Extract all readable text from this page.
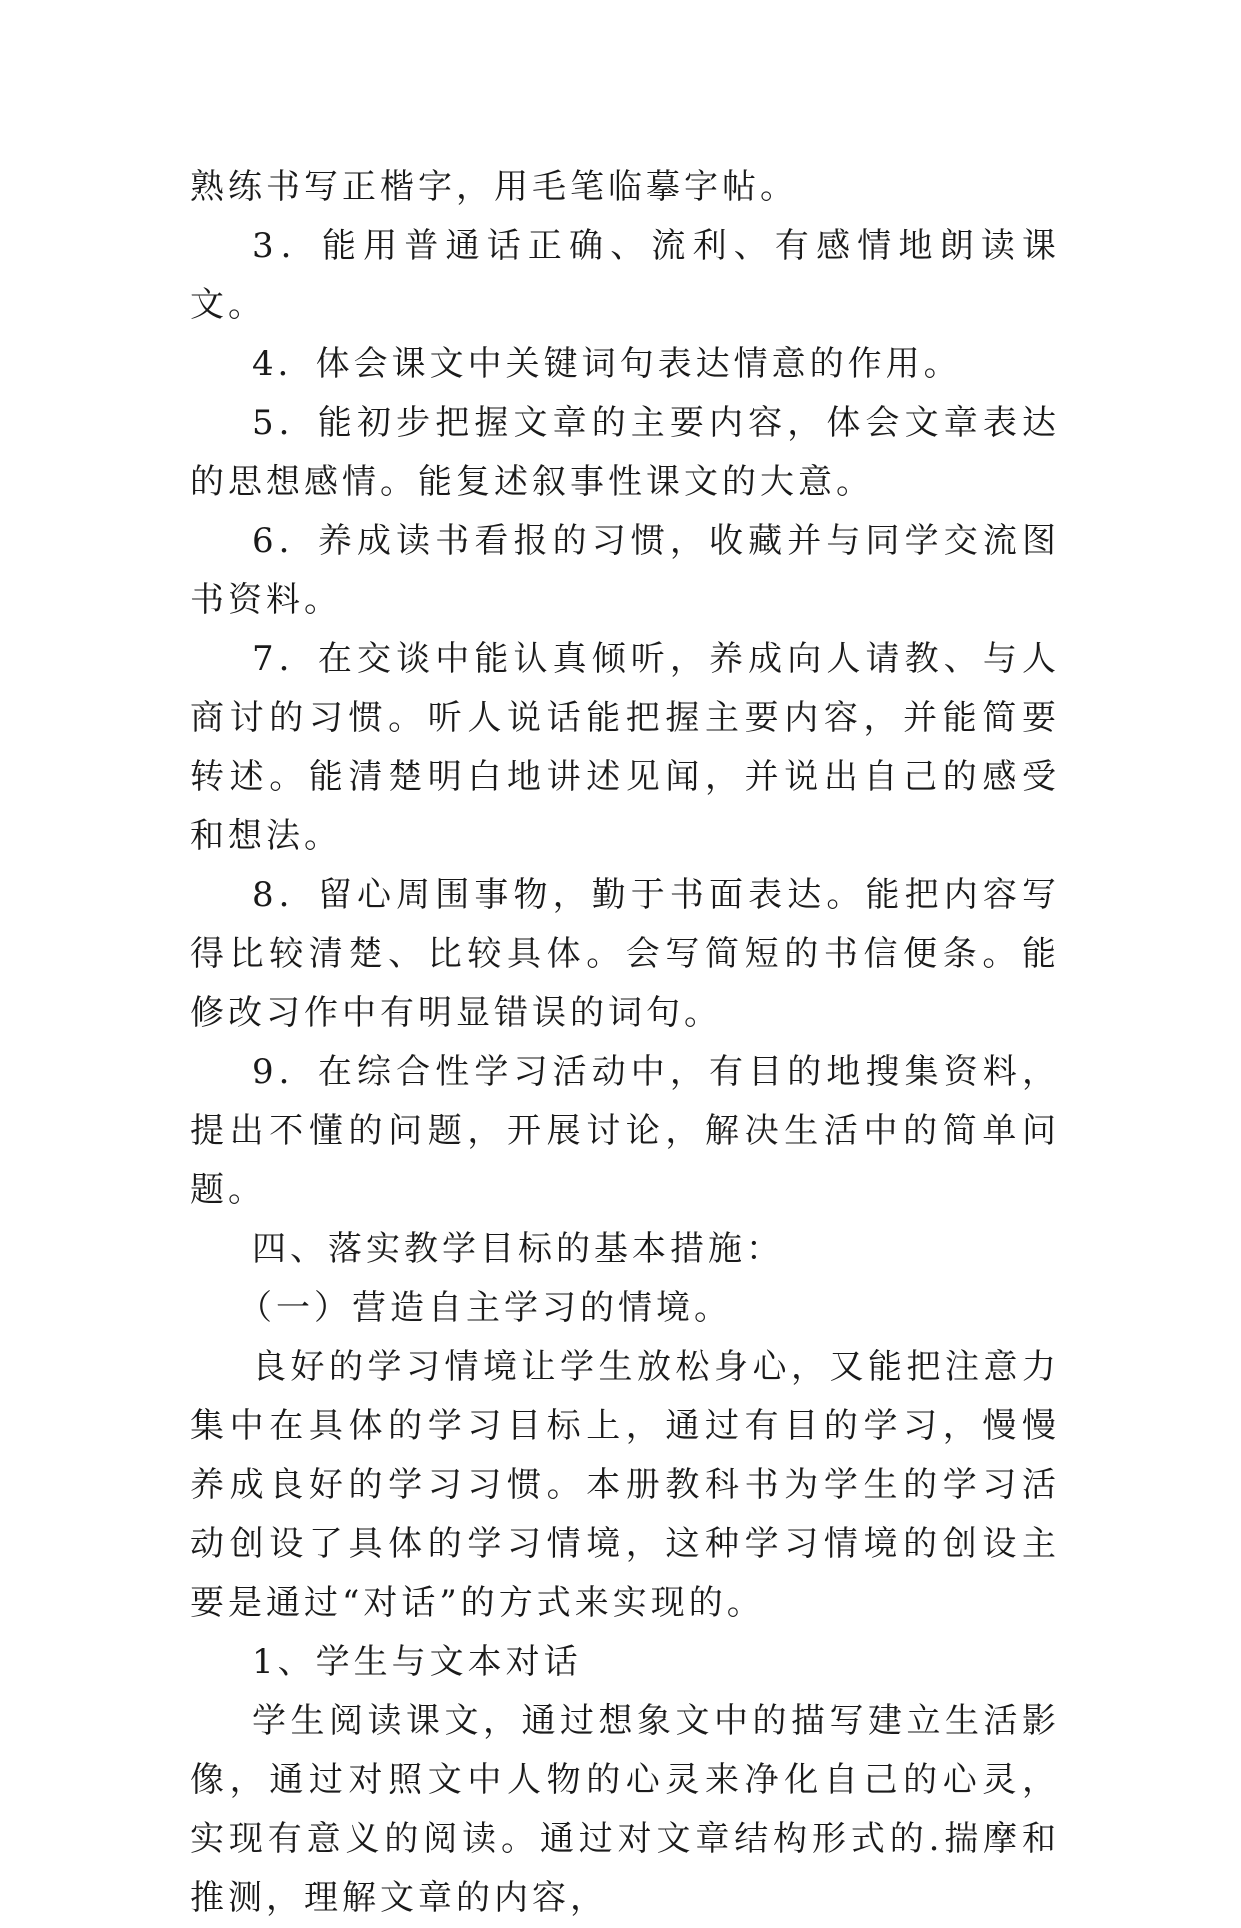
熟练书写正楷字，用毛笔临摹字帖。

3．能用普通话正确、流利、有感情地朗读课文。

4．体会课文中关键词句表达情意的作用。

5．能初步把握文章的主要内容，体会文章表达的思想感情。能复述叙事性课文的大意。

6．养成读书看报的习惯，收藏并与同学交流图书资料。

7．在交谈中能认真倾听，养成向人请教、与人商讨的习惯。听人说话能把握主要内容，并能简要转述。能清楚明白地讲述见闻，并说出自己的感受和想法。

8．留心周围事物，勤于书面表达。能把内容写得比较清楚、比较具体。会写简短的书信便条。能修改习作中有明显错误的词句。

9．在综合性学习活动中，有目的地搜集资料，提出不懂的问题，开展讨论，解决生活中的简单问题。

四、落实教学目标的基本措施：

（一）营造自主学习的情境。

良好的学习情境让学生放松身心，又能把注意力集中在具体的学习目标上，通过有目的学习，慢慢养成良好的学习习惯。本册教科书为学生的学习活动创设了具体的学习情境，这种学习情境的创设主要是通过“对话”的方式来实现的。

1、学生与文本对话

学生阅读课文，通过想象文中的描写建立生活影像，通过对照文中人物的心灵来净化自己的心灵，实现有意义的阅读。通过对文章结构形式的.揣摩和推测，理解文章的内容，
